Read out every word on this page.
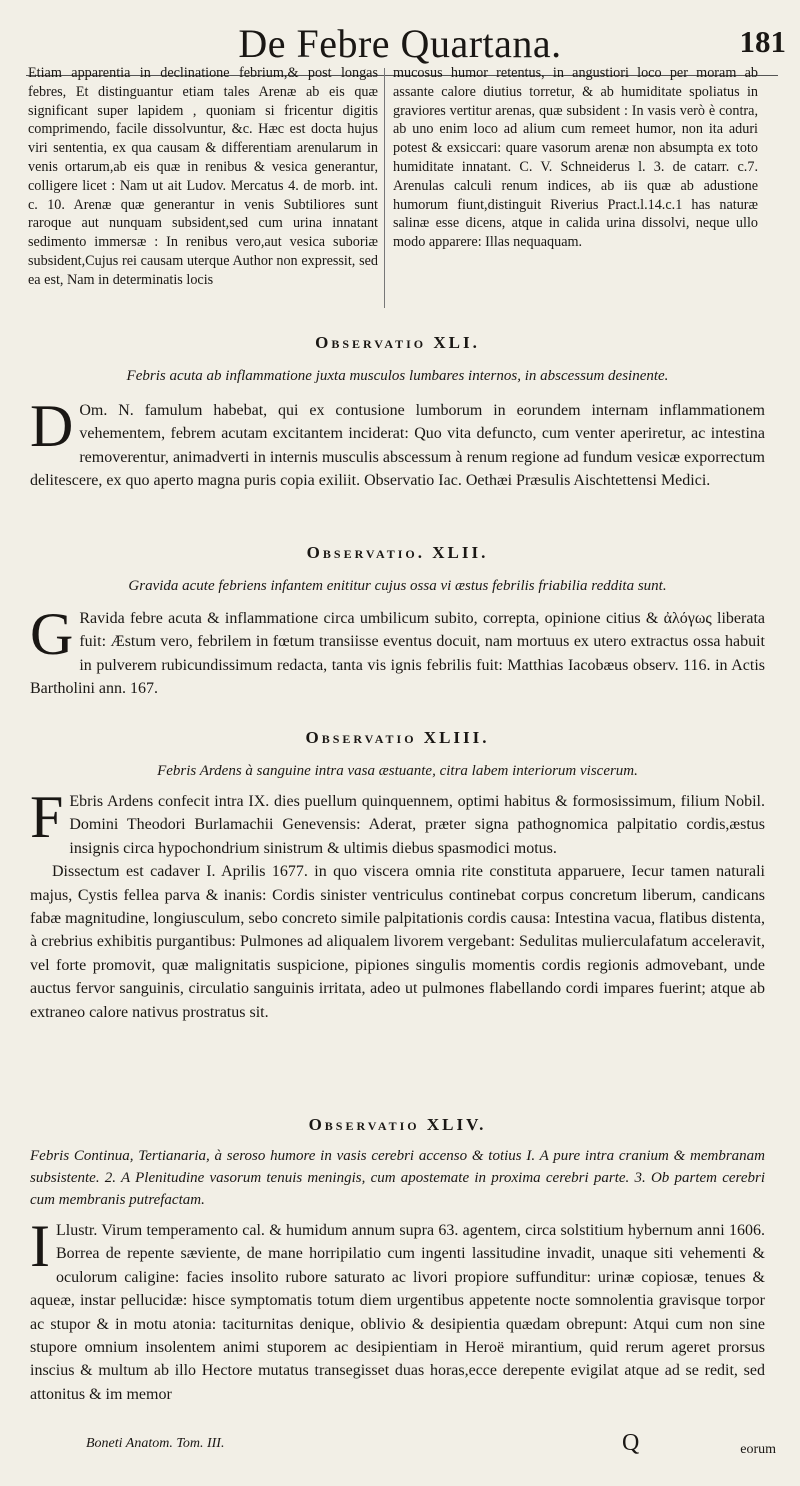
De Febre Quartana.	181
Etiam apparentia in declinatione febrium,& post longas febres, Et distinguantur etiam tales Arenæ ab eis quæ significant super lapidem , quoniam si fricentur digitis comprimendo, facile dissolvuntur, &c. Hæc est docta hujus viri sententia, ex qua causam & differentiam arenularum in venis ortarum,ab eis quæ in renibus & vesica generantur, colligere licet : Nam ut ait Ludov. Mercatus 4. de morb. int. c. 10. Arenæ quæ generantur in venis Subtiliores sunt raroque aut nunquam subsident,sed cum urina innatant sedimento immersæ : In renibus vero,aut vesica suboriæ subsident,Cujus rei causam uterque Author non expressit, sed ea est, Nam in determinatis locis
mucosus humor retentus, in angustiori loco per moram ab assante calore diutius torretur, & ab humiditate spoliatus in graviores vertitur arenas, quæ subsident : In vasis verò è contra, ab uno enim loco ad alium cum remeet humor, non ita aduri potest & exsiccari: quare vasorum arenæ non absumpta ex toto humiditate innatant. C. V. Schneiderus l. 3. de catarr. c.7. Arenulas calculi renum indices, ab iis quæ ab adustione humorum fiunt,distinguit Riverius Pract.l.14.c.1 has naturæ salinæ esse dicens, atque in calida urina dissolvi, neque ullo modo apparere: Illas nequaquam.
Observatio XLI.
Febris acuta ab inflammatione juxta musculos lumbares internos, in abscessum desinente.
D Om. N. famulum habebat, qui ex contusione lumborum in eorundem internam inflammationem vehementem, febrem acutam excitantem inciderat: Quo vita defuncto, cum venter aperiretur, ac intestina removerentur, animadverti in internis musculis abscessum à renum regione ad fundum vesicæ exporrectum delitescere, ex quo aperto magna puris copia exiliit. Observatio Iac. Oethæi Præsulis Aischtettensi Medici.
Observatio. XLII.
Gravida acute febriens infantem enititur cujus ossa vi æstus febrilis friabilia reddita sunt.
G Ravida febre acuta & inflammatione circa umbilicum subito, correpta, opinione citius & ἀλόγως liberata fuit: Æstum vero, febrilem in fœtum transiisse eventus docuit, nam mortuus ex utero extractus ossa habuit in pulverem rubicundissimum redacta, tanta vis ignis febrilis fuit: Matthias Iacobæus observ. 116. in Actis Bartholini ann. 167.
Observatio XLIII.
Febris Ardens à sanguine intra vasa æstuante, citra labem interiorum viscerum.
F Ebris Ardens confecit intra IX. dies puellum quinquennem, optimi habitus & formosissimum, filium Nobil. Domini Theodori Burlamachii Genevensis: Aderat, præter signa pathognomica palpitatio cordis,æstus insignis circa hypochondrium sinistrum & ultimis diebus spasmodici motus.
Dissectum est cadaver I. Aprilis 1677. in quo viscera omnia rite constituta apparuere, Iecur tamen naturali majus, Cystis fellea parva & inanis: Cordis sinister ventriculus continebat corpus concretum liberum, candicans fabæ magnitudine, longiusculum, sebo concreto simile palpitationis cordis causa: Intestina vacua, flatibus distenta, à crebrius exhibitis purgantibus: Pulmones ad aliqualem livorem vergebant: Sedulitas mulierculafatum acceleravit, vel forte promovit, quæ malignitatis suspicione, pipiones singulis momentis cordis regionis admovebant, unde auctus fervor sanguinis, circulatio sanguinis irritata, adeo ut pulmones flabellando cordi impares fuerint; atque ab extraneo calore nativus prostratus sit.
Observatio XLIV.
Febris Continua, Tertianaria, à seroso humore in vasis cerebri accenso & totius I. A pure intra cranium & membranam subsistente. 2. A Plenitudine vasorum tenuis meningis, cum apostemate in proxima cerebri parte. 3. Ob partem cerebri cum membranis putrefactam.
I Llustr. Virum temperamento cal. & humidum annum supra 63. agentem, circa solstitium hybernum anni 1606. Borrea de repente sæviente, de mane horripilatio cum ingenti lassitudine invadit, unaque siti vehementi & oculorum caligine: facies insolito rubore saturato ac livori propiore suffunditur: urinæ copiosæ, tenues & aqueæ, instar pellucidæ: hisce symptomatis totum diem urgentibus appetente nocte somnolentia gravisque torpor ac stupor & in motu atonia: taciturnitas denique, oblivio & desipientia quædam obrepunt: Atqui cum non sine stupore omnium insolentem animi stuporem ac desipientiam in Heroë mirantium, quid rerum ageret prorsus inscius & multum ab illo Hectore mutatus transegisset duas horas,ecce derepente evigilat atque ad se redit, sed attonitus & im memor
Boneti Anatom. Tom. III.	Q	eorum
